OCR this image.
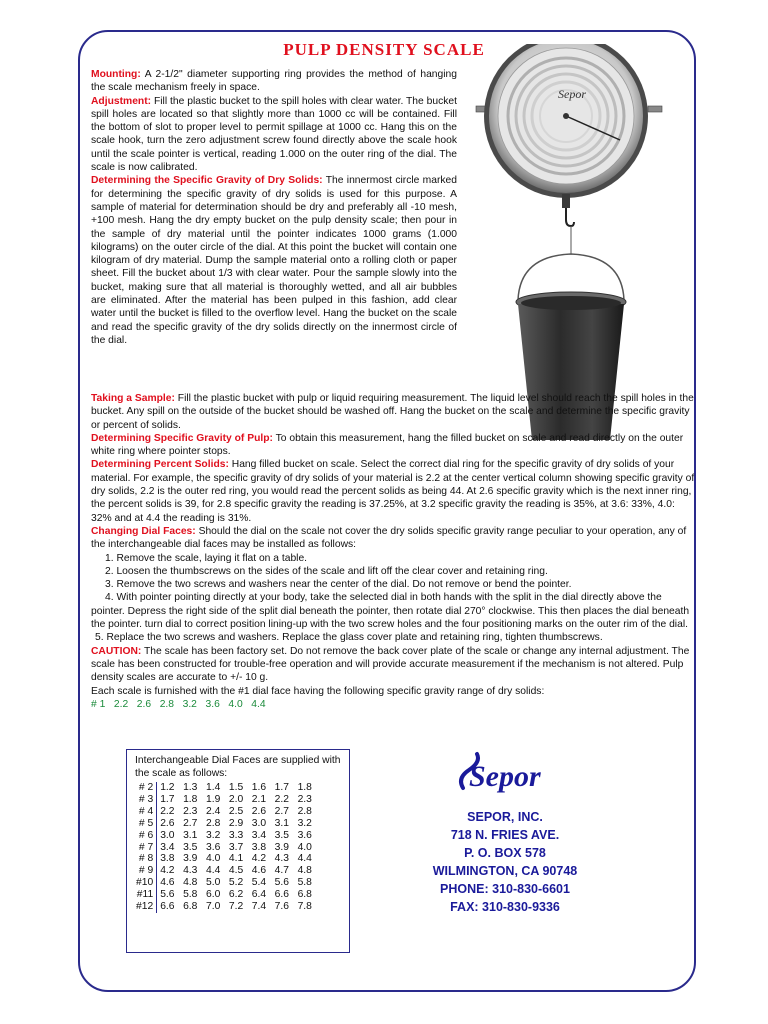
PULP DENSITY SCALE
Sepor

Mounting: A 2-1/2" diameter supporting ring provides the method of hanging the scale mechanism freely in space.
Adjustment: Fill the plastic bucket to the spill holes with clear water. The bucket spill holes are located so that slightly more than 1000 cc will be contained. Fill the bottom of slot to proper level to permit spillage at 1000 cc. Hang this on the scale hook, turn the zero adjustment screw found directly above the scale hook until the scale pointer is vertical, reading 1.000 on the outer ring of the dial. The scale is now calibrated.
Determining the Specific Gravity of Dry Solids: The innermost circle marked for determining the specific gravity of dry solids is used for this purpose. A sample of material for determination should be dry and preferably all -10 mesh, +100 mesh. Hang the dry empty bucket on the pulp density scale; then pour in the sample of dry material until the pointer indicates 1000 grams (1.000 kilograms) on the outer circle of the dial. At this point the bucket will contain one kilogram of dry material. Dump the sample material onto a rolling cloth or paper sheet. Fill the bucket about 1/3 with clear water. Pour the sample slowly into the bucket, making sure that all material is thoroughly wetted, and all air bubbles are eliminated. After the material has been pulped in this fashion, add clear water until the bucket is filled to the overflow level. Hang the bucket on the scale and read the specific gravity of the dry solids directly on the innermost circle of the dial.

Taking a Sample: Fill the plastic bucket with pulp or liquid requiring measurement. The liquid level should reach the spill holes in the bucket. Any spill on the outside of the bucket should be washed off. Hang the bucket on the scale and determine the specific gravity or percent of solids.
Determining Specific Gravity of Pulp: To obtain this measurement, hang the filled bucket on scale and read directly on the outer white ring where pointer stops.
Determining Percent Solids: Hang filled bucket on scale. Select the correct dial ring for the specific gravity of dry solids of your material. For example, the specific gravity of dry solids of your material is 2.2 at the center vertical column showing specific gravity of dry solids, 2.2 is the outer red ring, you would read the percent solids as being 44. At 2.6 specific gravity which is the next inner ring, the percent solids is 39, for 2.8 specific gravity the reading is 37.25%, at 3.2 specific gravity the reading is 35%, at 3.6: 33%, 4.0: 32% and at 4.4 the reading is 31%.
Changing Dial Faces: Should the dial on the scale not cover the dry solids specific gravity range peculiar to your operation, any of the interchangeable dial faces may be installed as follows:
1. Remove the scale, laying it flat on a table.
2. Loosen the thumbscrews on the sides of the scale and lift off the clear cover and retaining ring.
3. Remove the two screws and washers near the center of the dial. Do not remove or bend the pointer.
4. With pointer pointing directly at your body, take the selected dial in both hands with the split in the dial directly above the pointer. Depress the right side of the split dial beneath the pointer, then rotate dial 270° clockwise. This then places the dial beneath the pointer. turn dial to correct position lining-up with the two screw holes and the four positioning marks on the outer rim of the dial.
5. Replace the two screws and washers. Replace the glass cover plate and retaining ring, tighten thumbscrews.
CAUTION: The scale has been factory set. Do not remove the back cover plate of the scale or change any internal adjustment. The scale has been constructed for trouble-free operation and will provide accurate measurement if the mechanism is not altered. Pulp density scales are accurate to +/- 10 g.
Each scale is furnished with the #1 dial face having the following specific gravity range of dry solids:
# 1   2.2   2.6   2.8   3.2   3.6   4.0   4.4
Interchangeable Dial Faces are supplied with the scale as follows:
# 2	1.2   1.3   1.4   1.5   1.6   1.7   1.8
# 3	1.7   1.8   1.9   2.0   2.1   2.2   2.3
# 4	2.2   2.3   2.4   2.5   2.6   2.7   2.8
# 5	2.6   2.7   2.8   2.9   3.0   3.1   3.2
# 6	3.0   3.1   3.2   3.3   3.4   3.5   3.6
# 7	3.4   3.5   3.6   3.7   3.8   3.9   4.0
# 8	3.8   3.9   4.0   4.1   4.2   4.3   4.4
# 9	4.2   4.3   4.4   4.5   4.6   4.7   4.8
#10	4.6   4.8   5.0   5.2   5.4   5.6   5.8
#11	5.6   5.8   6.0   6.2   6.4   6.6   6.8
#12	6.6   6.8   7.0   7.2   7.4   7.6   7.8
Sepor
SEPOR, INC.
718 N. FRIES AVE.
P. O. BOX 578
WILMINGTON, CA 90748
PHONE: 310-830-6601
FAX: 310-830-9336
